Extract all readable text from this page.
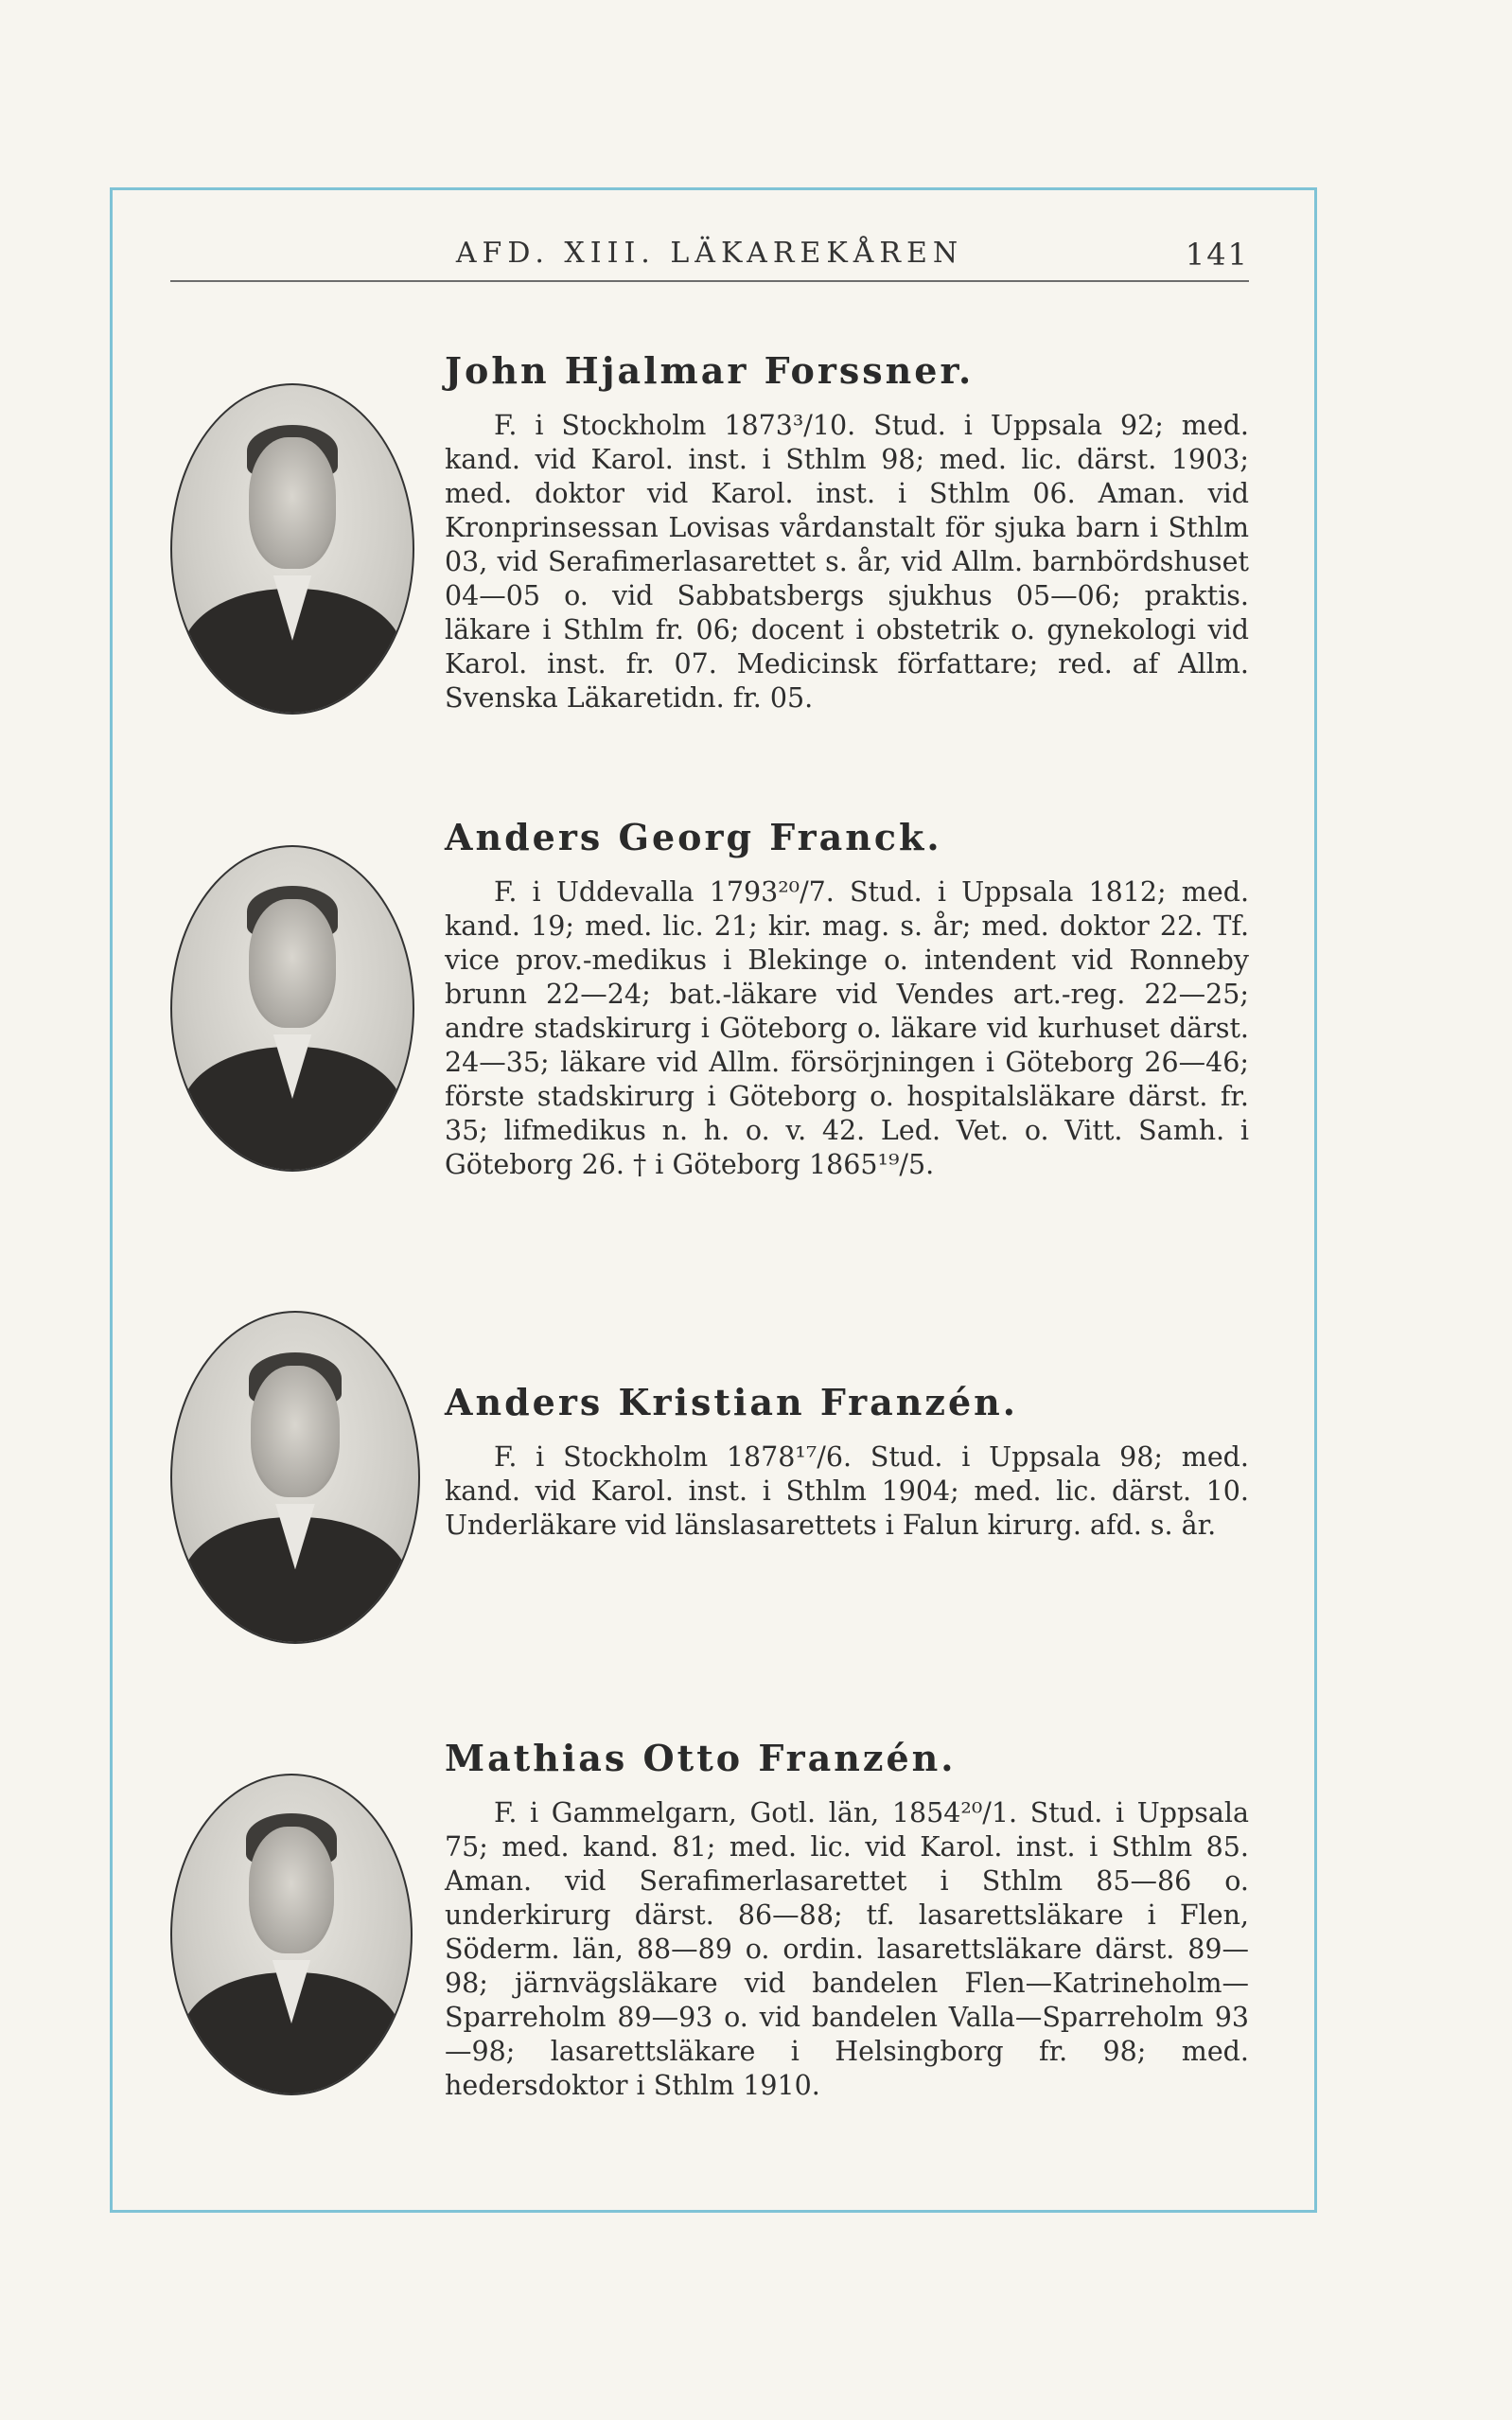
AFD. XIII. LÄKAREKÅREN	141
John Hjalmar Forssner.

F. i Stockholm 1873³/10. Stud. i Uppsala 92; med. kand. vid Karol. inst. i Sthlm 98; med. lic. därst. 1903; med. doktor vid Karol. inst. i Sthlm 06. Aman. vid Kronprinsessan Lovisas vårdanstalt för sjuka barn i Sthlm 03, vid Serafimerlasarettet s. år, vid Allm. barnbördshuset 04—05 o. vid Sabbatsbergs sjukhus 05—06; praktis. läkare i Sthlm fr. 06; docent i obstetrik o. gynekologi vid Karol. inst. fr. 07. Medicinsk författare; red. af Allm. Svenska Läkaretidn. fr. 05.

Anders Georg Franck.

F. i Uddevalla 1793²⁰/7. Stud. i Uppsala 1812; med. kand. 19; med. lic. 21; kir. mag. s. år; med. doktor 22. Tf. vice prov.-medikus i Blekinge o. intendent vid Ronneby brunn 22—24; bat.-läkare vid Vendes art.-reg. 22—25; andre stadskirurg i Göteborg o. läkare vid kurhuset därst. 24—35; läkare vid Allm. försörjningen i Göteborg 26—46; förste stadskirurg i Göteborg o. hospitalsläkare därst. fr. 35; lifmedikus n. h. o. v. 42. Led. Vet. o. Vitt. Samh. i Göteborg 26. † i Göteborg 1865¹⁹/5.

Anders Kristian Franzén.

F. i Stockholm 1878¹⁷/6. Stud. i Uppsala 98; med. kand. vid Karol. inst. i Sthlm 1904; med. lic. därst. 10. Underläkare vid länslasarettets i Falun kirurg. afd. s. år.

Mathias Otto Franzén.

F. i Gammelgarn, Gotl. län, 1854²⁰/1. Stud. i Uppsala 75; med. kand. 81; med. lic. vid Karol. inst. i Sthlm 85. Aman. vid Serafimerlasarettet i Sthlm 85—86 o. underkirurg därst. 86—88; tf. lasarettsläkare i Flen, Söderm. län, 88—89 o. ordin. lasarettsläkare därst. 89—98; järnvägsläkare vid bandelen Flen—Katrineholm—Sparreholm 89—93 o. vid bandelen Valla—Sparreholm 93—98; lasarettsläkare i Helsingborg fr. 98; med. hedersdoktor i Sthlm 1910.
